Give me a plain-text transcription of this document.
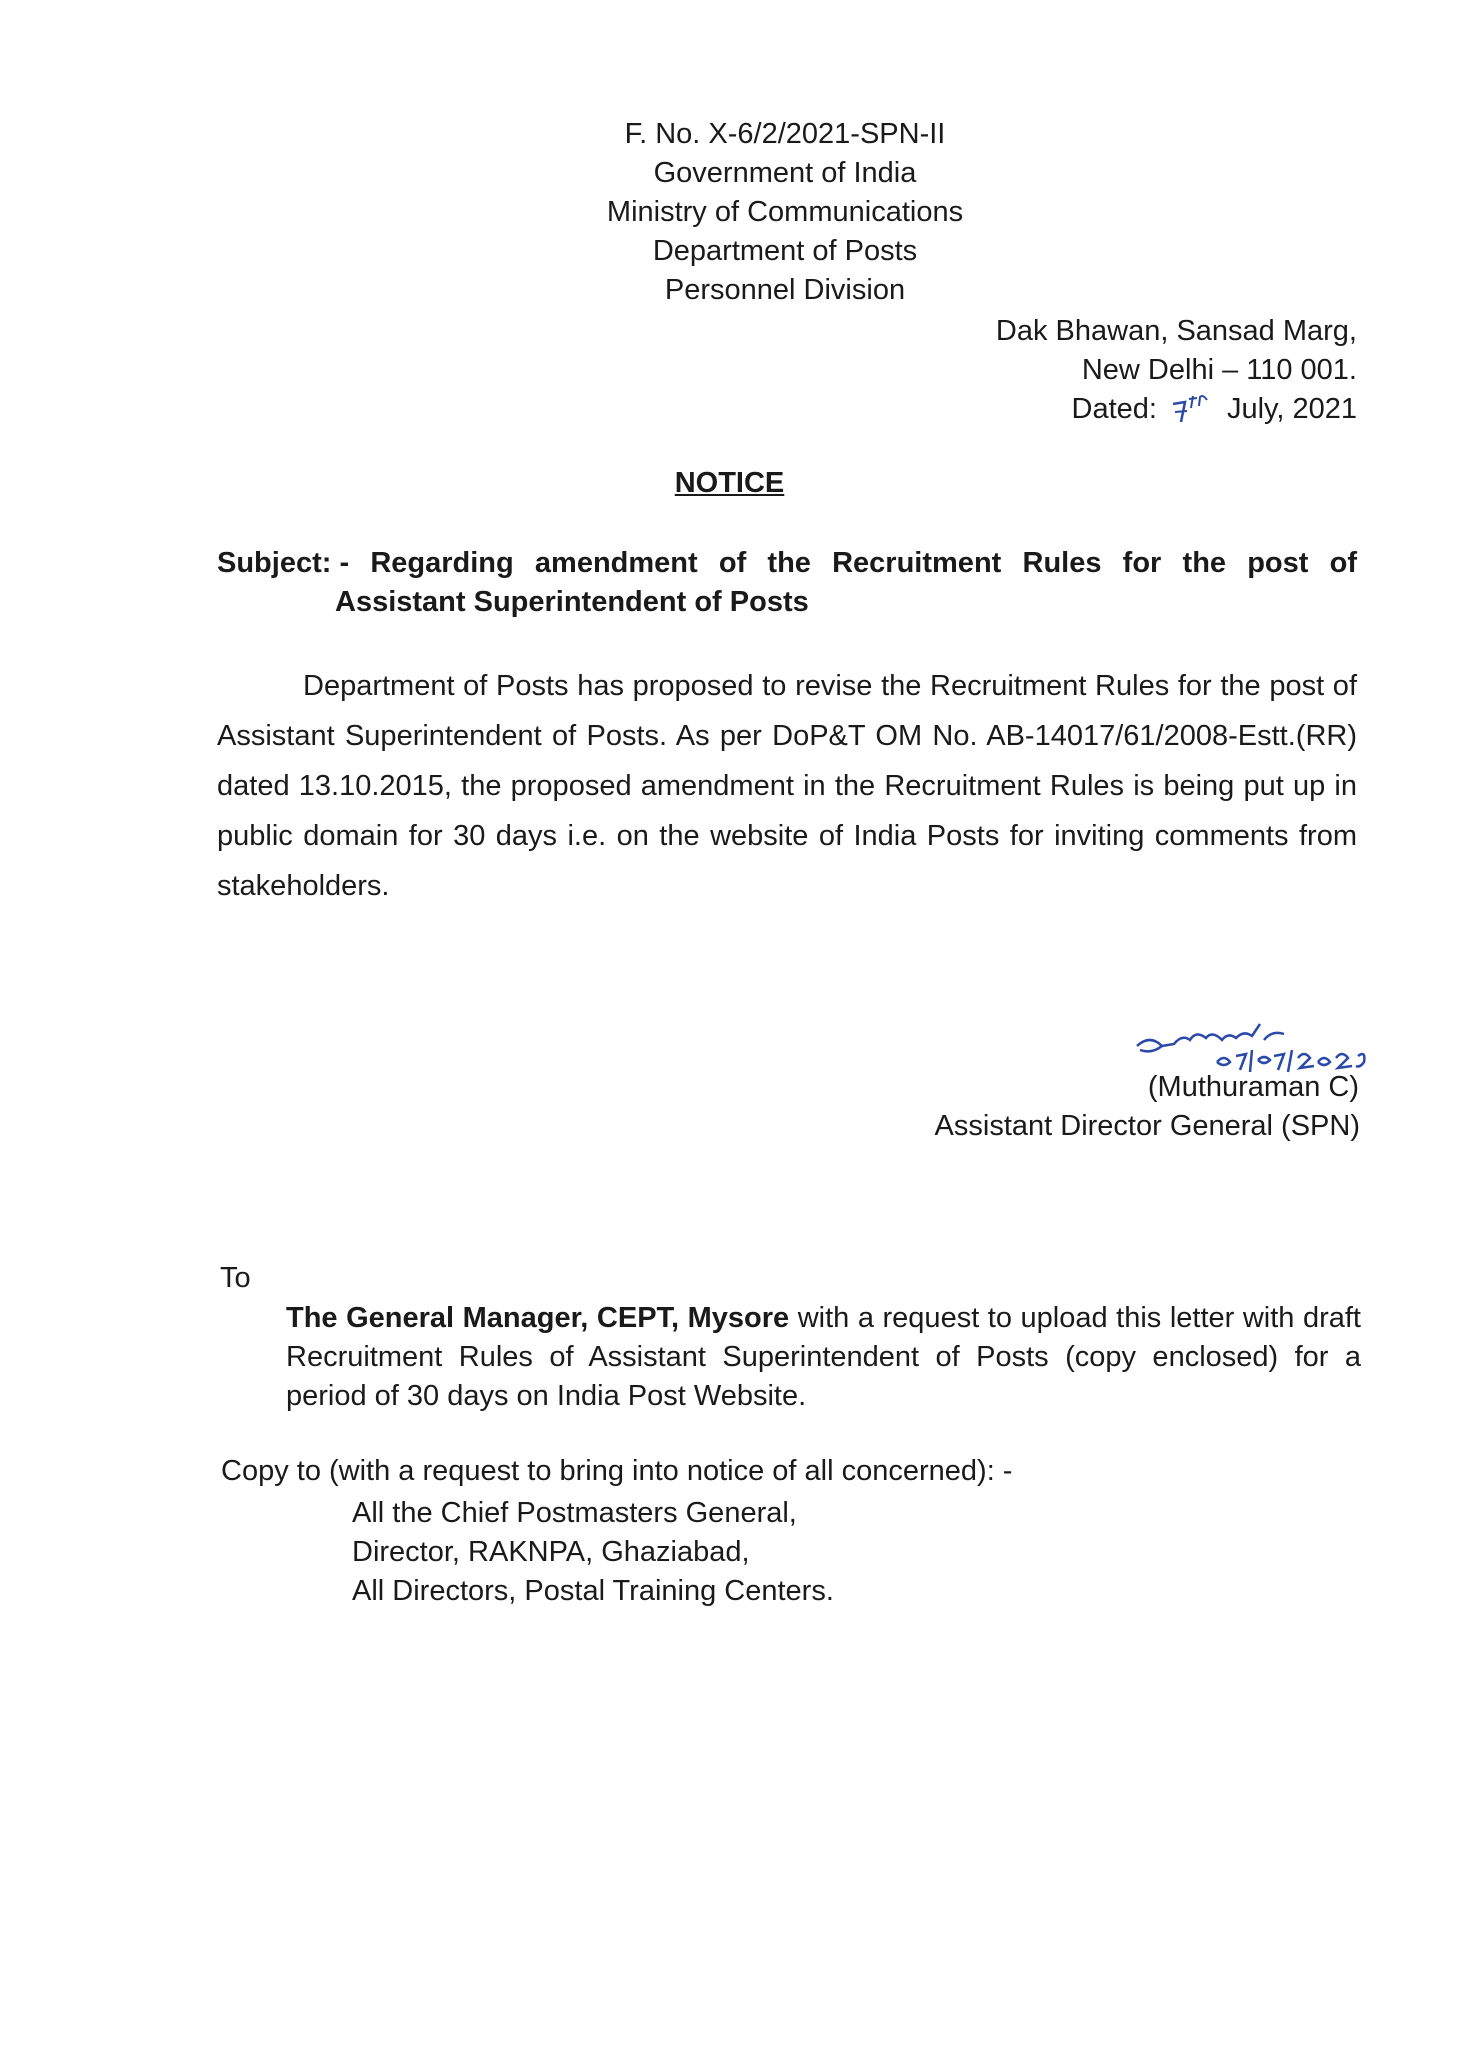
F. No. X-6/2/2021-SPN-II
Government of India
Ministry of Communications
Department of Posts
Personnel Division
Dak Bhawan, Sansad Marg,
New Delhi – 110 001.
Dated: July, 2021
NOTICE
Subject: - Regarding amendment of the Recruitment Rules for the post of
Assistant Superintendent of Posts
Department of Posts has proposed to revise the Recruitment Rules for the post of Assistant Superintendent of Posts. As per DoP&T OM No. AB-14017/61/2008-Estt.(RR) dated 13.10.2015, the proposed amendment in the Recruitment Rules is being put up in public domain for 30 days i.e. on the website of India Posts for inviting comments from stakeholders.
(Muthuraman C)
Assistant Director General (SPN)
To
The General Manager, CEPT, Mysore with a request to upload this letter with draft Recruitment Rules of Assistant Superintendent of Posts (copy enclosed) for a period of 30 days on India Post Website.
Copy to (with a request to bring into notice of all concerned): -
All the Chief Postmasters General,
Director, RAKNPA, Ghaziabad,
All Directors, Postal Training Centers.
